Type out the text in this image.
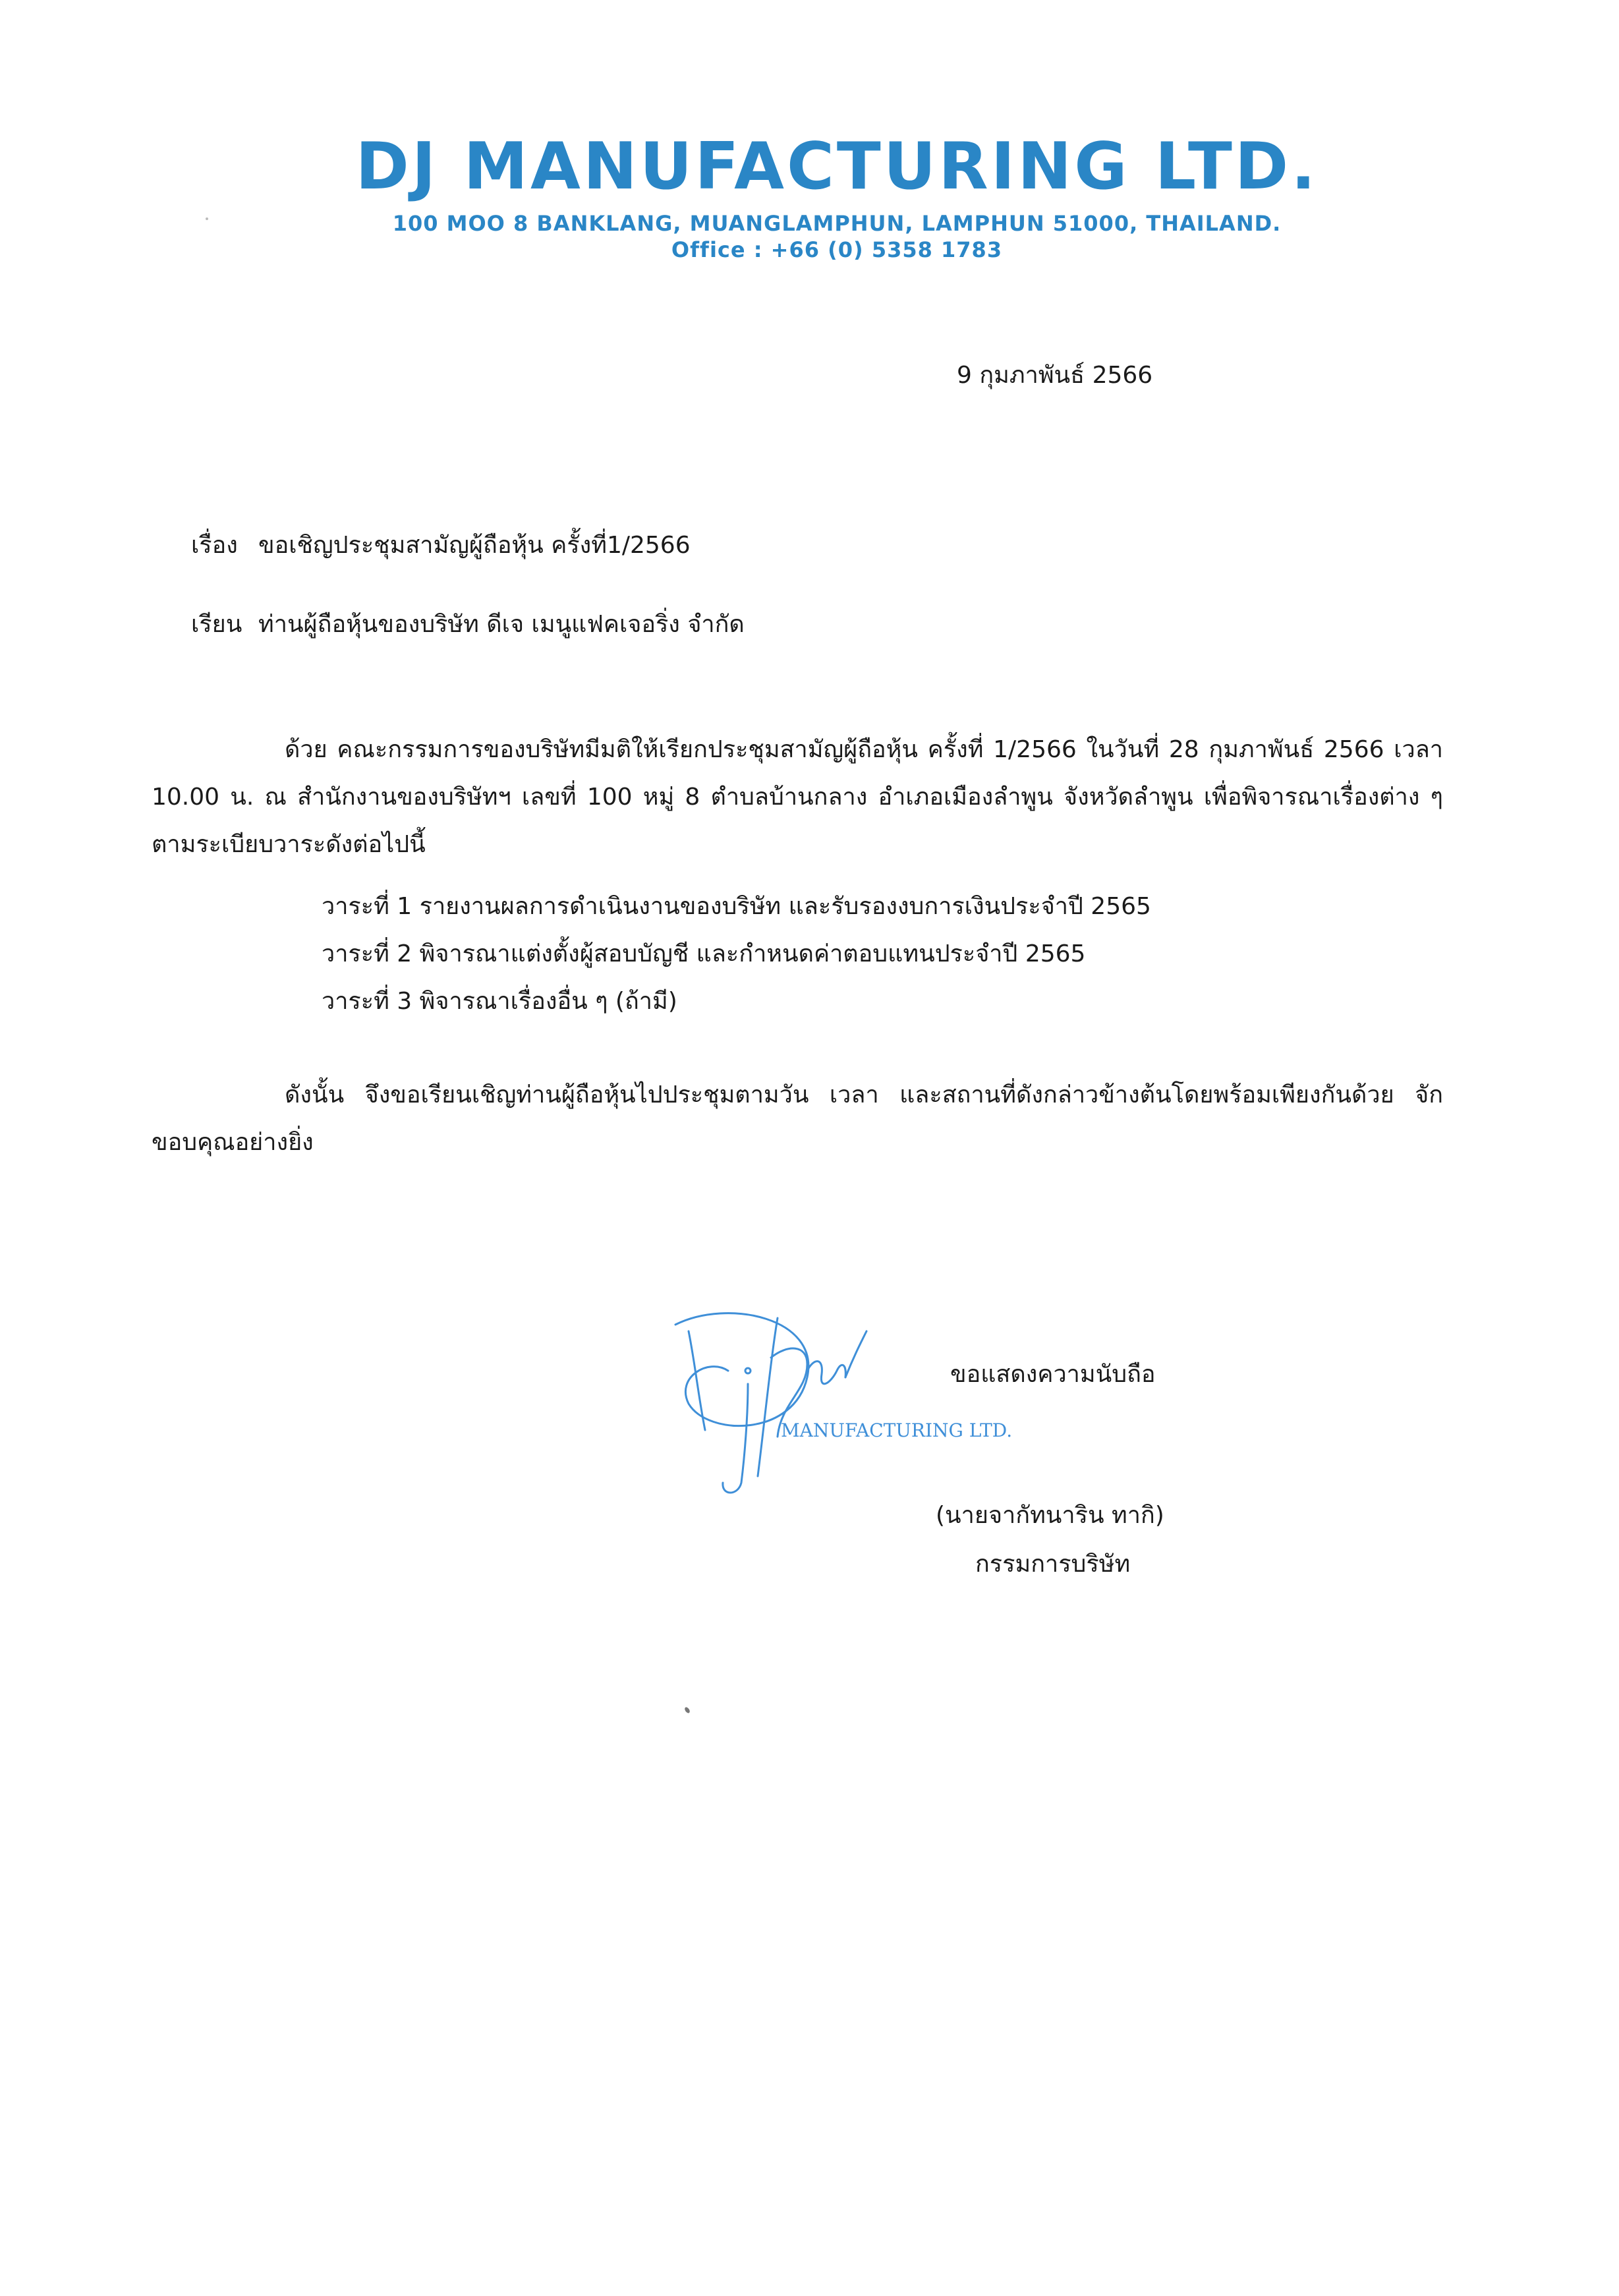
DJ MANUFACTURING LTD.
100 MOO 8 BANKLANG, MUANGLAMPHUN, LAMPHUN 51000, THAILAND.
Office : +66 (0) 5358 1783
9 กุมภาพันธ์ 2566
เรื่อง ขอเชิญประชุมสามัญผู้ถือหุ้น ครั้งที่1/2566
เรียน ท่านผู้ถือหุ้นของบริษัท ดีเจ เมนูแฟคเจอริ่ง จำกัด
ด้วย คณะกรรมการของบริษัทมีมติให้เรียกประชุมสามัญผู้ถือหุ้น ครั้งที่ 1/2566 ในวันที่ 28 กุมภาพันธ์ 2566 เวลา 10.00 น. ณ สำนักงานของบริษัทฯ เลขที่ 100 หมู่ 8 ตำบลบ้านกลาง อำเภอเมืองลำพูน จังหวัดลำพูน เพื่อพิจารณาเรื่องต่าง ๆ ตามระเบียบวาระดังต่อไปนี้
วาระที่ 1 รายงานผลการดำเนินงานของบริษัท และรับรองงบการเงินประจำปี 2565
วาระที่ 2 พิจารณาแต่งตั้งผู้สอบบัญชี และกำหนดค่าตอบแทนประจำปี 2565
วาระที่ 3 พิจารณาเรื่องอื่น ๆ (ถ้ามี)
ดังนั้น จึงขอเรียนเชิญท่านผู้ถือหุ้นไปประชุมตามวัน เวลา และสถานที่ดังกล่าวข้างต้นโดยพร้อมเพียงกันด้วย จักขอบคุณอย่างยิ่ง
ขอแสดงความนับถือ
MANUFACTURING LTD.
(นายจากัทนาริน ทากิ)
กรรมการบริษัท
